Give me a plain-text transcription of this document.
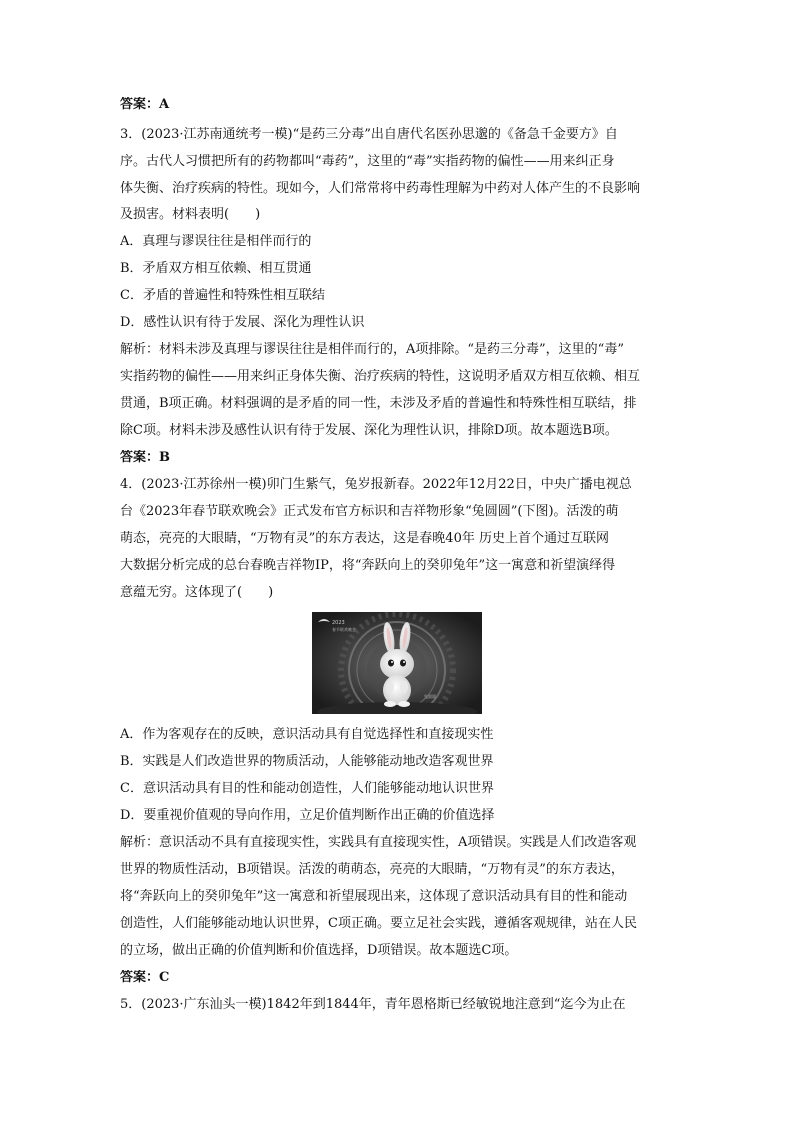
答案：A
3．(2023·江苏南通统考一模)“是药三分毒”出自唐代名医孙思邈的《备急千金要方》自
序。古代人习惯把所有的药物都叫“毒药”，这里的“毒”实指药物的偏性——用来纠正身
体失衡、治疗疾病的特性。现如今，人们常常将中药毒性理解为中药对人体产生的不良影响
及损害。材料表明(　　)
A．真理与谬误往往是相伴而行的
B．矛盾双方相互依赖、相互贯通
C．矛盾的普遍性和特殊性相互联结
D．感性认识有待于发展、深化为理性认识
解析：材料未涉及真理与谬误往往是相伴而行的，A项排除。“是药三分毒”，这里的“毒”
实指药物的偏性——用来纠正身体失衡、治疗疾病的特性，这说明矛盾双方相互依赖、相互
贯通，B项正确。材料强调的是矛盾的同一性，未涉及矛盾的普遍性和特殊性相互联结，排
除C项。材料未涉及感性认识有待于发展、深化为理性认识，排除D项。故本题选B项。
答案：B
4．(2023·江苏徐州一模)卯门生紫气，兔岁报新春。2022年12月22日，中央广播电视总
台《2023年春节联欢晚会》正式发布官方标识和吉祥物形象“兔圆圆”(下图)。活泼的萌
萌态，亮亮的大眼睛，“万物有灵”的东方表达，这是春晚40年 历史上首个通过互联网
大数据分析完成的总台春晚吉祥物IP，将“奔跃向上的癸卯兔年”这一寓意和祈望演绎得
意蕴无穷。这体现了(　　)
2023
春节联欢晚会
兔圆圆
A．作为客观存在的反映，意识活动具有自觉选择性和直接现实性
B．实践是人们改造世界的物质活动，人能够能动地改造客观世界
C．意识活动具有目的性和能动创造性，人们能够能动地认识世界
D．要重视价值观的导向作用，立足价值判断作出正确的价值选择
解析：意识活动不具有直接现实性，实践具有直接现实性，A项错误。实践是人们改造客观
世界的物质性活动，B项错误。活泼的萌萌态，亮亮的大眼睛，“万物有灵”的东方表达，
将“奔跃向上的癸卯兔年”这一寓意和祈望展现出来，这体现了意识活动具有目的性和能动
创造性，人们能够能动地认识世界，C项正确。要立足社会实践，遵循客观规律，站在人民
的立场，做出正确的价值判断和价值选择，D项错误。故本题选C项。
答案：C
5．(2023·广东汕头一模)1842年到1844年，青年恩格斯已经敏锐地注意到“迄今为止在
